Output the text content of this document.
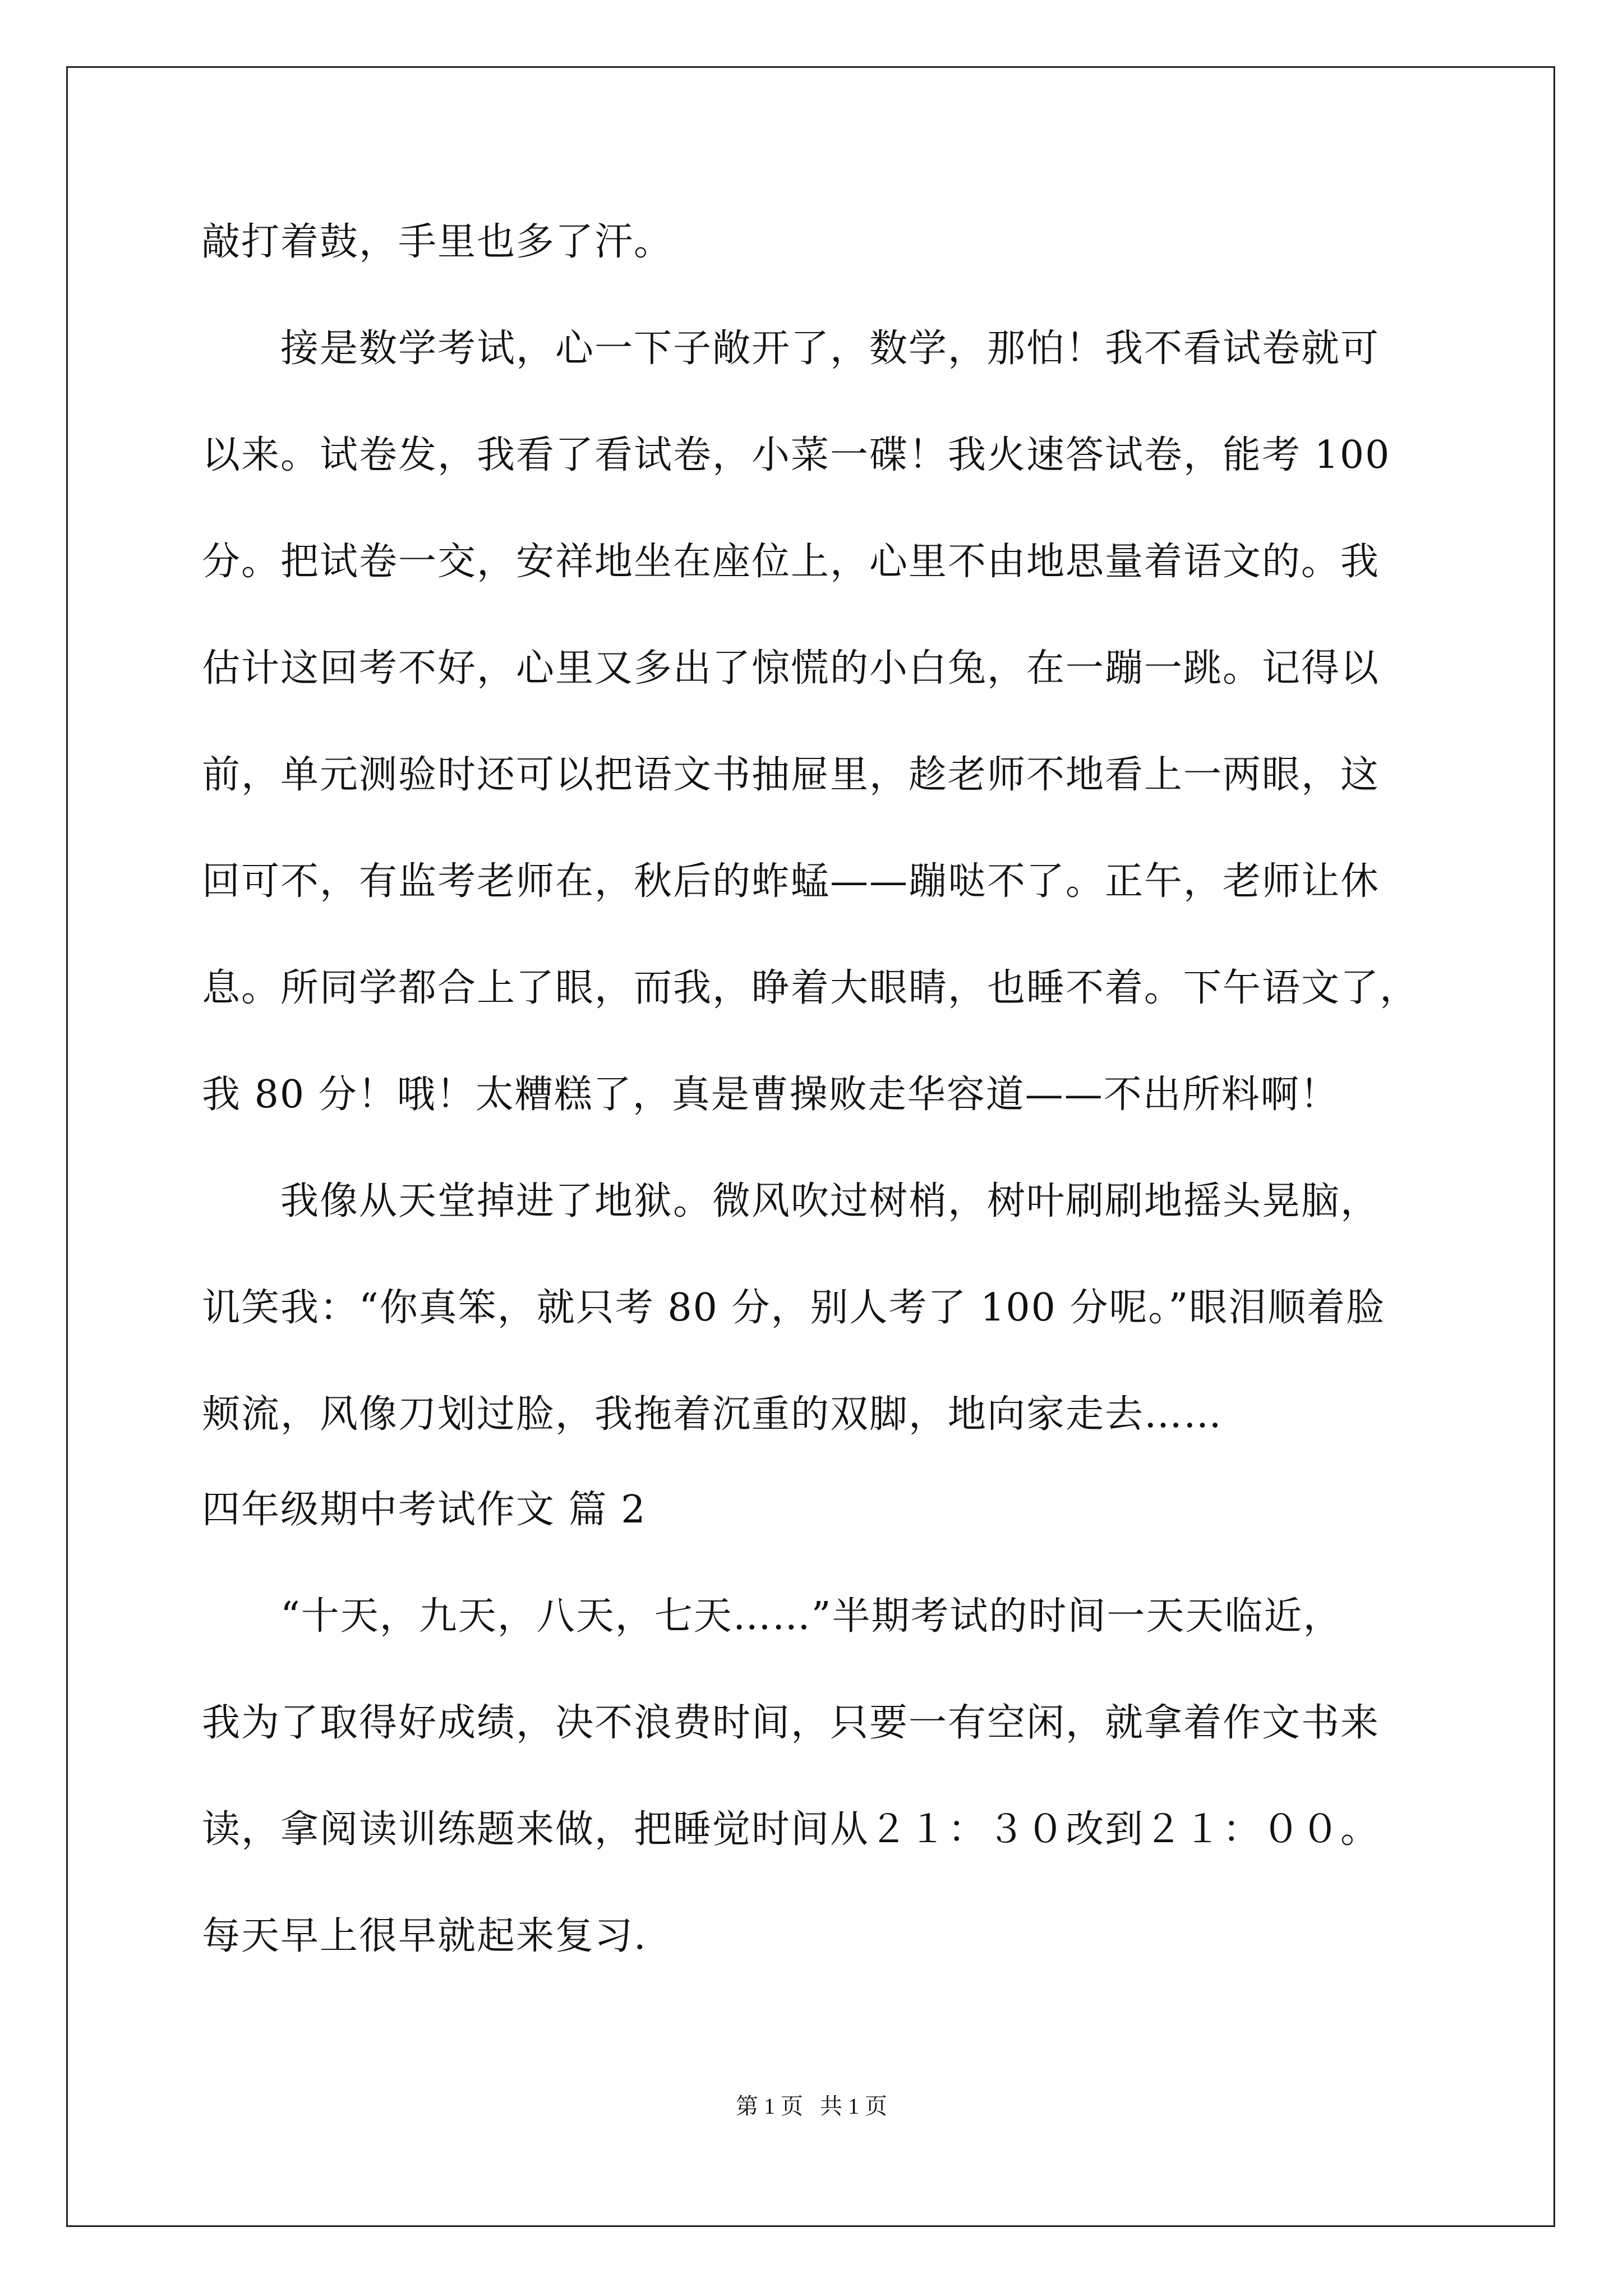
敲打着鼓，手里也多了汗。
接是数学考试，心一下子敞开了，数学，那怕！我不看试卷就可
以来。试卷发，我看了看试卷，小菜一碟！我火速答试卷，能考 100
分。把试卷一交，安祥地坐在座位上，心里不由地思量着语文的。我
估计这回考不好，心里又多出了惊慌的小白兔，在一蹦一跳。记得以
前，单元测验时还可以把语文书抽屉里，趁老师不地看上一两眼，这
回可不，有监考老师在，秋后的蚱蜢——蹦哒不了。正午，老师让休
息。所同学都合上了眼，而我，睁着大眼睛，也睡不着。下午语文了，
我 80 分！哦！太糟糕了，真是曹操败走华容道——不出所料啊！
我像从天堂掉进了地狱。微风吹过树梢，树叶刷刷地摇头晃脑，
讥笑我：“你真笨，就只考 80 分，别人考了 100 分呢。”眼泪顺着脸
颊流，风像刀划过脸，我拖着沉重的双脚，地向家走去……
四年级期中考试作文 篇 2
“十天，九天，八天，七天……”半期考试的时间一天天临近，
我为了取得好成绩，决不浪费时间，只要一有空闲，就拿着作文书来
读，拿阅读训练题来做，把睡觉时间从２１：３０改到２１：００。
每天早上很早就起来复习.
第 1 页 共 1 页
